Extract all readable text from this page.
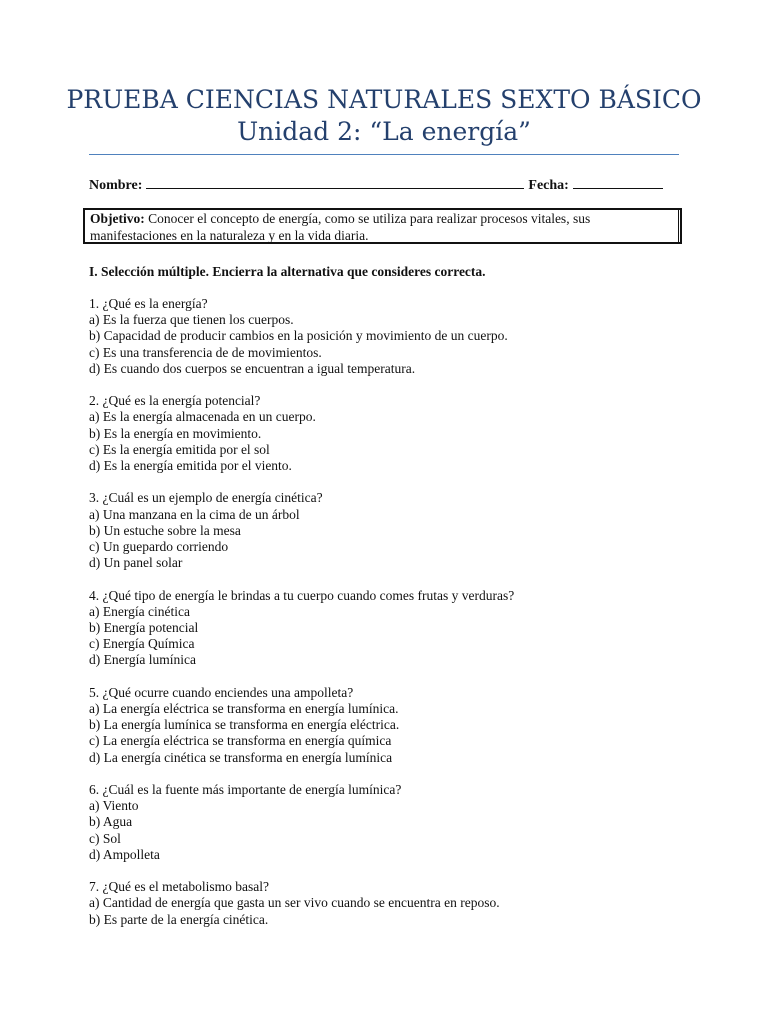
PRUEBA CIENCIAS NATURALES SEXTO BÁSICO
Unidad 2: “La energía”
Nombre:	Fecha:
Objetivo: Conocer el concepto de energía, como se utiliza para realizar procesos vitales, sus manifestaciones en la naturaleza y en la vida diaria.
I. Selección múltiple. Encierra la alternativa que consideres correcta.
1. ¿Qué es la energía?
a) Es la fuerza que tienen los cuerpos.
b) Capacidad de producir cambios en la posición y movimiento de un cuerpo.
c) Es una transferencia de de movimientos.
d) Es cuando dos cuerpos se encuentran a igual temperatura.
2. ¿Qué es la energía potencial?
a) Es la energía almacenada en un cuerpo.
b) Es la energía en movimiento.
c) Es la energía emitida por el sol
d) Es la energía emitida por el viento.
3. ¿Cuál es un ejemplo de energía cinética?
a) Una manzana en la cima de un árbol
b) Un estuche sobre la mesa
c) Un guepardo corriendo
d) Un panel solar
4. ¿Qué tipo de energía le brindas a tu cuerpo cuando comes frutas y verduras?
a) Energía cinética
b) Energía potencial
c) Energía Química
d) Energía lumínica
5. ¿Qué ocurre cuando enciendes una ampolleta?
a) La energía eléctrica se transforma en energía lumínica.
b) La energía lumínica se transforma en energía eléctrica.
c) La energía eléctrica se transforma en energía química
d) La energía cinética se transforma en energía lumínica
6. ¿Cuál es la fuente más importante de energía lumínica?
a) Viento
b) Agua
c) Sol
d) Ampolleta
7. ¿Qué es el metabolismo basal?
a) Cantidad de energía que gasta un ser vivo cuando se encuentra en reposo.
b) Es parte de la energía cinética.
